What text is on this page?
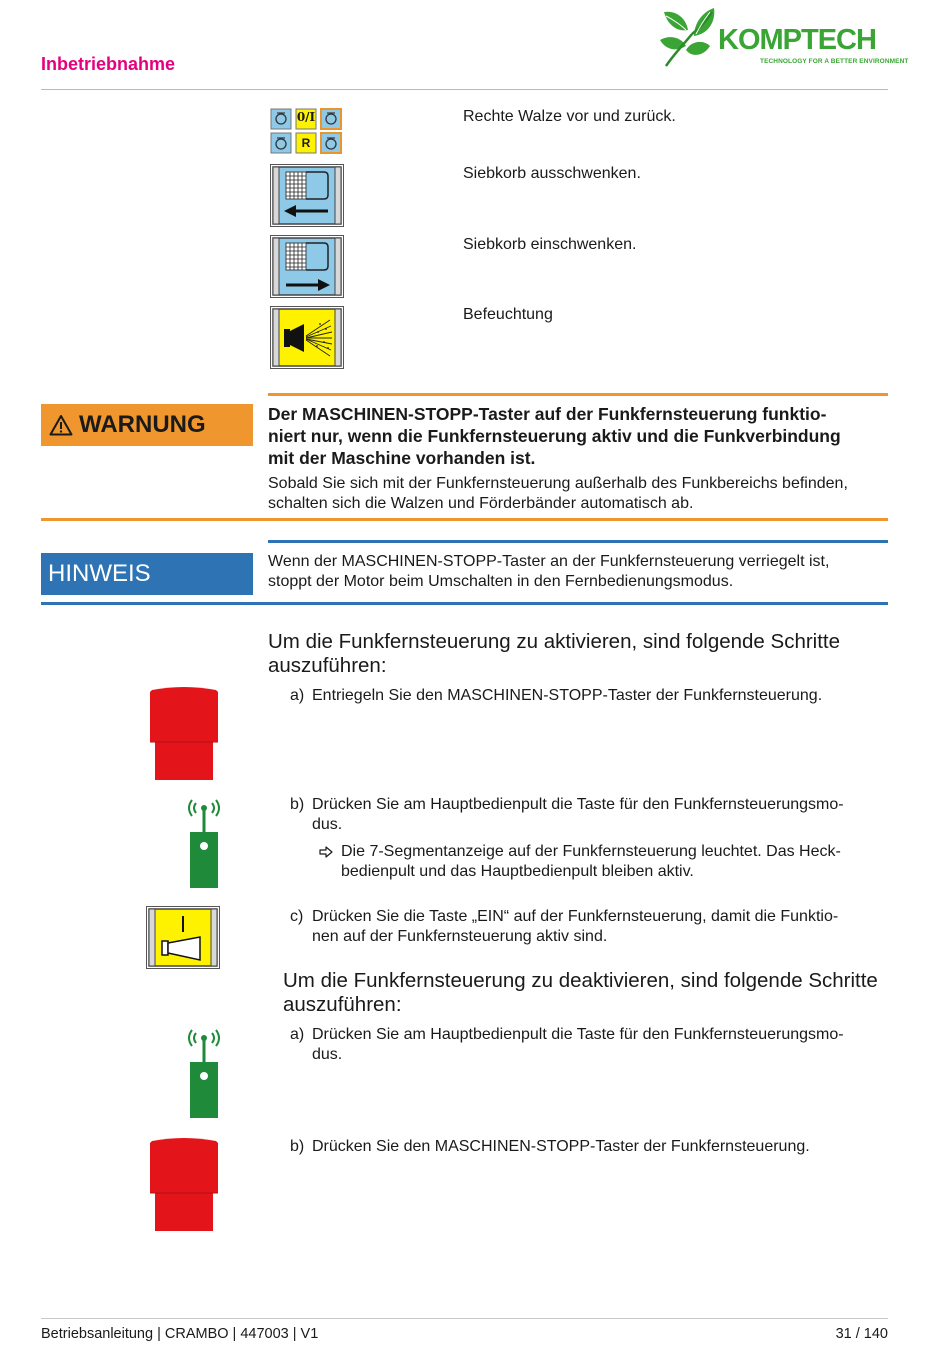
Inbetriebnahme
KOMPTECH
TECHNOLOGY FOR A BETTER ENVIRONMENT
0/I
R
Rechte Walze vor und zurück.
Siebkorb ausschwenken.
Siebkorb einschwenken.
Befeuchtung
WARNUNG	Der MASCHINEN-STOPP-Taster auf der Funkfernsteuerung funktio-
niert nur, wenn die Funkfernsteuerung aktiv und die Funkverbindung
mit der Maschine vorhanden ist.
Sobald Sie sich mit der Funkfernsteuerung außerhalb des Funkbereichs befinden,
schalten sich die Walzen und Förderbänder automatisch ab.
HINWEIS	Wenn der MASCHINEN-STOPP-Taster an der Funkfernsteuerung verriegelt ist,
stoppt der Motor beim Umschalten in den Fernbedienungsmodus.
Um die Funkfernsteuerung zu aktivieren, sind folgende Schritte
auszuführen:
a) Entriegeln Sie den MASCHINEN-STOPP-Taster der Funkfernsteuerung.
b) Drücken Sie am Hauptbedienpult die Taste für den Funkfernsteuerungsmo-
dus.
Die 7-Segmentanzeige auf der Funkfernsteuerung leuchtet. Das Heck-
bedienpult und das Hauptbedienpult bleiben aktiv.
c) Drücken Sie die Taste „EIN“ auf der Funkfernsteuerung, damit die Funktio-
nen auf der Funkfernsteuerung aktiv sind.
Um die Funkfernsteuerung zu deaktivieren, sind folgende Schritte
auszuführen:
a) Drücken Sie am Hauptbedienpult die Taste für den Funkfernsteuerungsmo-
dus.
b) Drücken Sie den MASCHINEN-STOPP-Taster der Funkfernsteuerung.
Betriebsanleitung | CRAMBO | 447003 | V1	31 / 140
